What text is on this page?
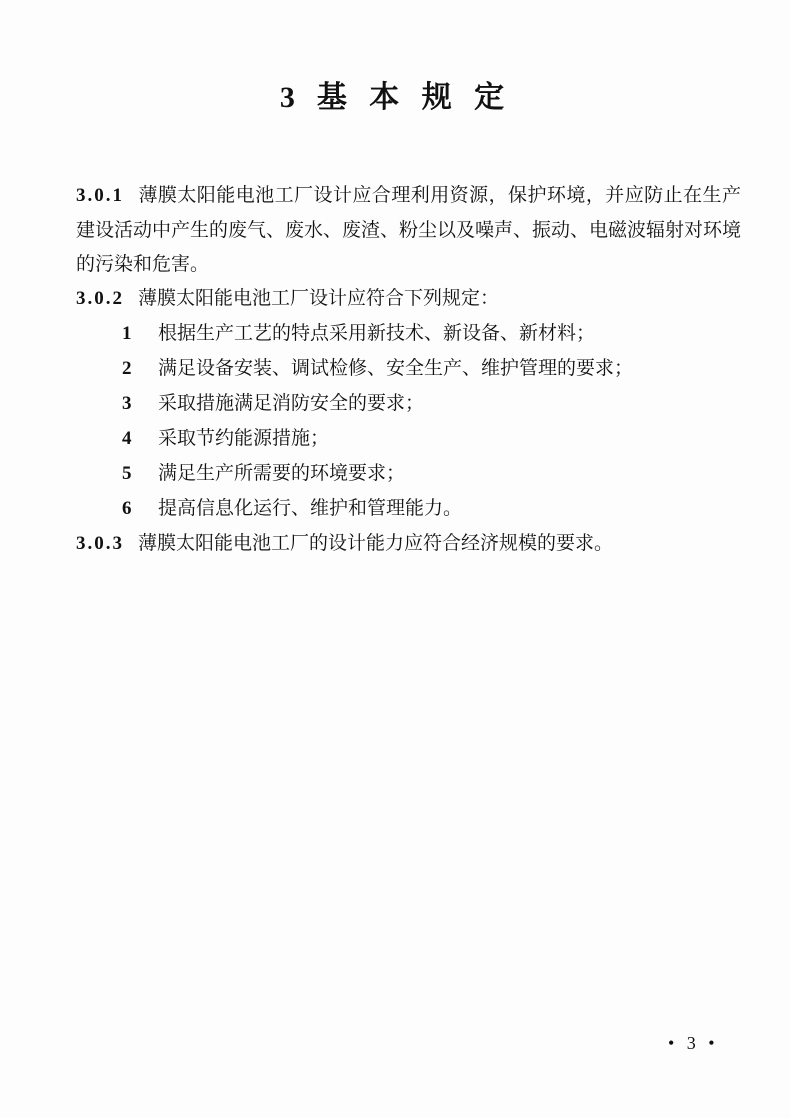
3 基 本 规 定

3.0.1 薄膜太阳能电池工厂设计应合理利用资源，保护环境，并应防止在生产建设活动中产生的废气、废水、废渣、粉尘以及噪声、振动、电磁波辐射对环境的污染和危害。

3.0.2 薄膜太阳能电池工厂设计应符合下列规定：

1 根据生产工艺的特点采用新技术、新设备、新材料；
2 满足设备安装、调试检修、安全生产、维护管理的要求；
3 采取措施满足消防安全的要求；
4 采取节约能源措施；
5 满足生产所需要的环境要求；
6 提高信息化运行、维护和管理能力。

3.0.3 薄膜太阳能电池工厂的设计能力应符合经济规模的要求。

• 3 •
